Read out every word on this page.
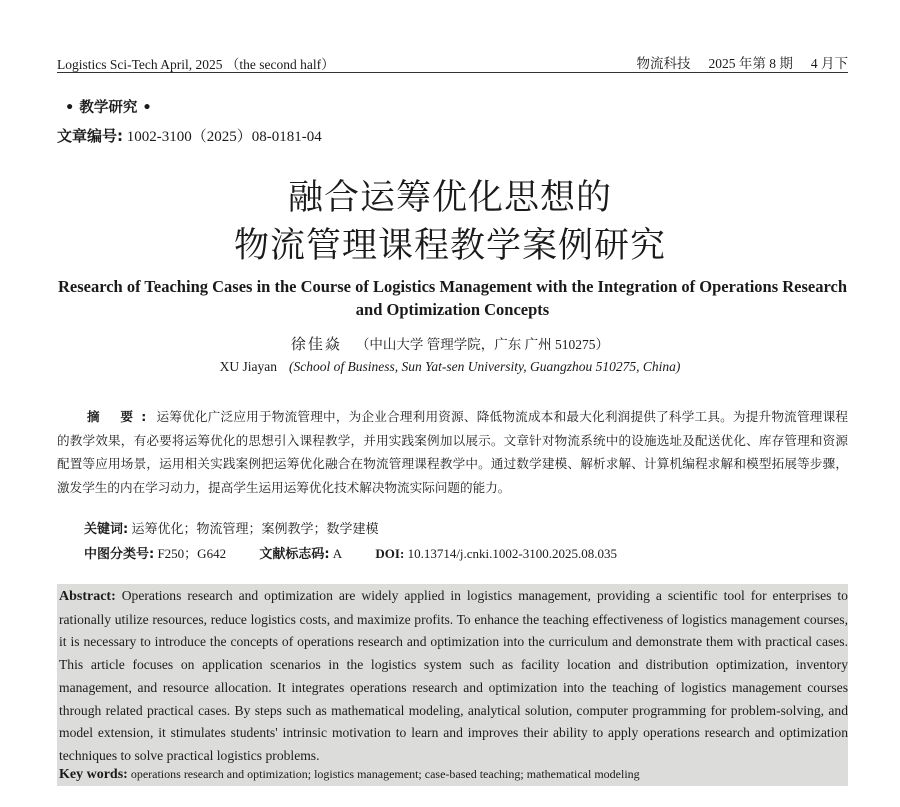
Logistics Sci-Tech April, 2025 （the second half）	物流科技 2025 年第 8 期 4 月下
• 教学研究 •
文章编号: 1002-3100（2025）08-0181-04
融合运筹优化思想的
物流管理课程教学案例研究
Research of Teaching Cases in the Course of Logistics Management with the Integration of Operations Research and Optimization Concepts
徐佳焱 （中山大学 管理学院，广东 广州 510275）
XU Jiayan (School of Business, Sun Yat-sen University, Guangzhou 510275, China)
摘 要: 运筹优化广泛应用于物流管理中，为企业合理利用资源、降低物流成本和最大化利润提供了科学工具。为提升物流管理课程的教学效果，有必要将运筹优化的思想引入课程教学，并用实践案例加以展示。文章针对物流系统中的设施选址及配送优化、库存管理和资源配置等应用场景，运用相关实践案例把运筹优化融合在物流管理课程教学中。通过数学建模、解析求解、计算机编程求解和模型拓展等步骤，激发学生的内在学习动力，提高学生运用运筹优化技术解决物流实际问题的能力。
关键词: 运筹优化；物流管理；案例教学；数学建模
中图分类号: F250；G642	文献标志码: A	DOI: 10.13714/j.cnki.1002-3100.2025.08.035
Abstract: Operations research and optimization are widely applied in logistics management, providing a scientific tool for enterprises to rationally utilize resources, reduce logistics costs, and maximize profits. To enhance the teaching effectiveness of logistics management courses, it is necessary to introduce the concepts of operations research and optimization into the curriculum and demonstrate them with practical cases. This article focuses on application scenarios in the logistics system such as facility location and distribution optimization, inventory management, and resource allocation. It integrates operations research and optimization into the teaching of logistics management courses through related practical cases. By steps such as mathematical modeling, analytical solution, computer programming for problem-solving, and model extension, it stimulates students' intrinsic motivation to learn and improves their ability to apply operations research and optimization techniques to solve practical logistics problems.
Key words: operations research and optimization; logistics management; case-based teaching; mathematical modeling
